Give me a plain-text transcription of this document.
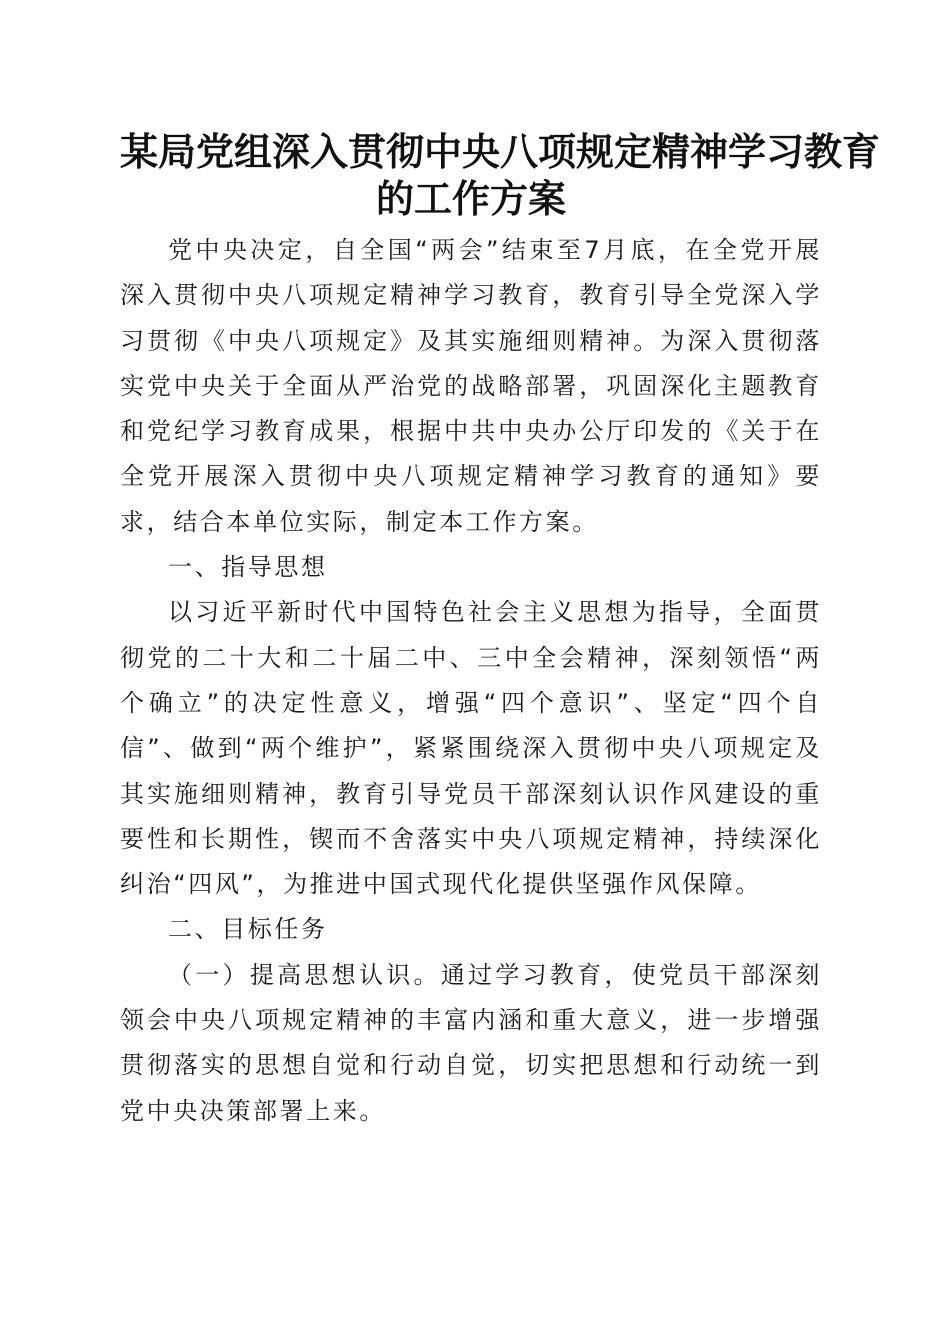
某局党组深入贯彻中央八项规定精神学习教育
的工作方案

党中央决定，自全国“两会”结束至7月底，在全党开展深入贯彻中央八项规定精神学习教育，教育引导全党深入学习贯彻《中央八项规定》及其实施细则精神。为深入贯彻落实党中央关于全面从严治党的战略部署，巩固深化主题教育和党纪学习教育成果，根据中共中央办公厅印发的《关于在全党开展深入贯彻中央八项规定精神学习教育的通知》要求，结合本单位实际，制定本工作方案。

一、指导思想

以习近平新时代中国特色社会主义思想为指导，全面贯彻党的二十大和二十届二中、三中全会精神，深刻领悟“两个确立”的决定性意义，增强“四个意识”、坚定“四个自信”、做到“两个维护”，紧紧围绕深入贯彻中央八项规定及其实施细则精神，教育引导党员干部深刻认识作风建设的重要性和长期性，锲而不舍落实中央八项规定精神，持续深化纠治“四风”，为推进中国式现代化提供坚强作风保障。

二、目标任务

（一）提高思想认识。通过学习教育，使党员干部深刻领会中央八项规定精神的丰富内涵和重大意义，进一步增强贯彻落实的思想自觉和行动自觉，切实把思想和行动统一到党中央决策部署上来。
